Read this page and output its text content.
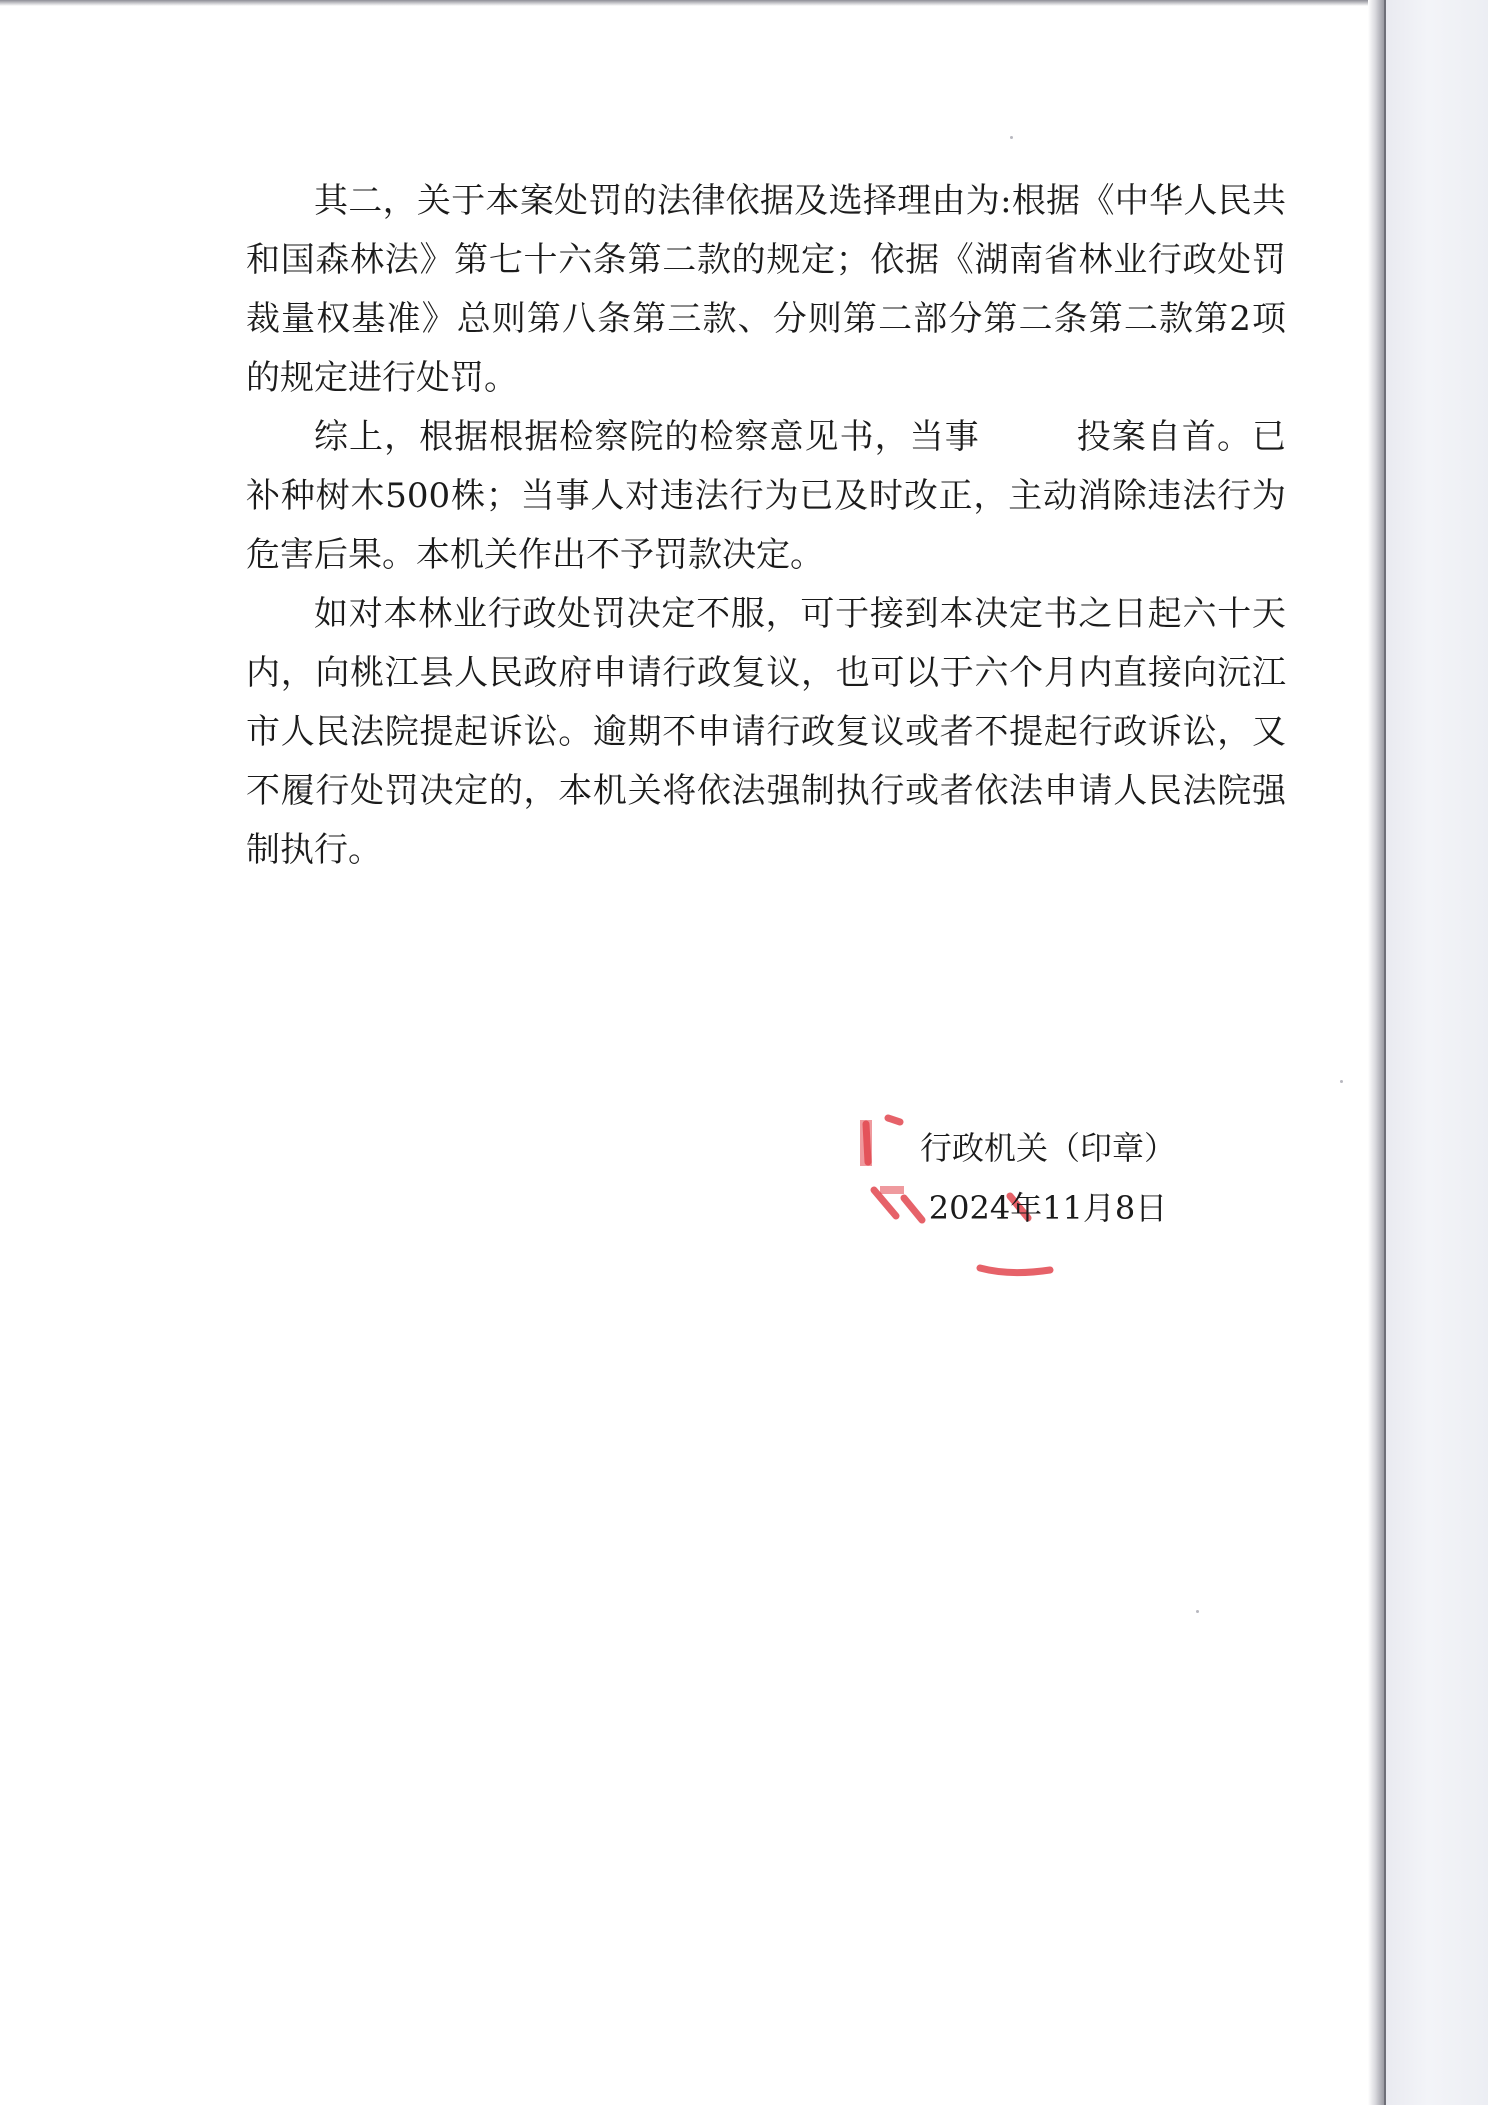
其二，关于本案处罚的法律依据及选择理由为:根据《中华人民共和国森林法》第七十六条第二款的规定；依据《湖南省林业行政处罚裁量权基准》总则第八条第三款、分则第二部分第二条第二款第2项的规定进行处罚。

综上，根据根据检察院的检察意见书，当事	投案自首。已补种树木500株；当事人对违法行为已及时改正，主动消除违法行为危害后果。本机关作出不予罚款决定。

如对本林业行政处罚决定不服，可于接到本决定书之日起六十天内，向桃江县人民政府申请行政复议，也可以于六个月内直接向沅江市人民法院提起诉讼。逾期不申请行政复议或者不提起行政诉讼，又不履行处罚决定的，本机关将依法强制执行或者依法申请人民法院强制执行。

行政机关（印章）
2024年11月8日
